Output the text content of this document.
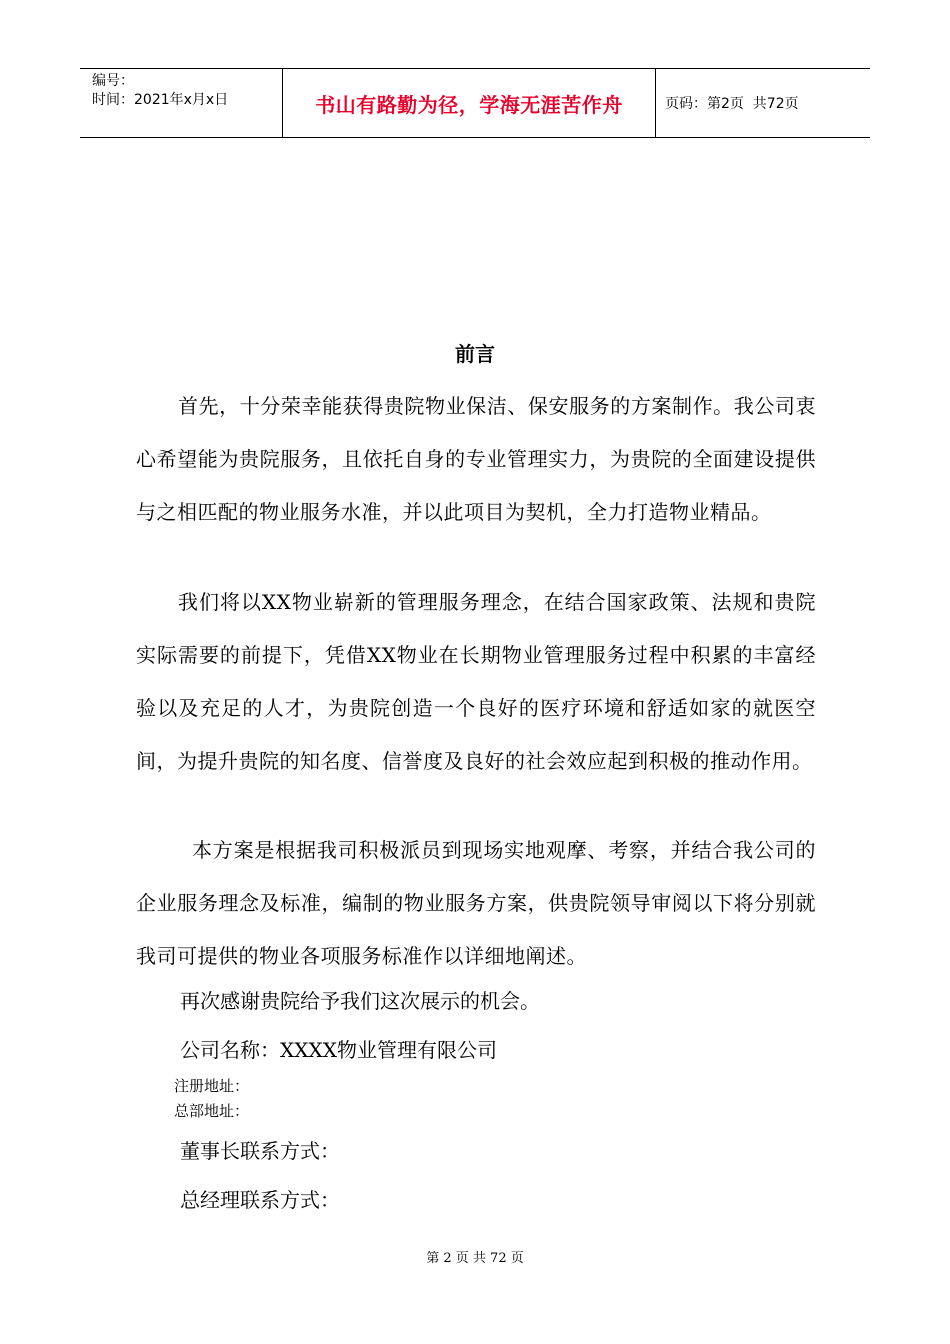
编号：
时间：2021年x月x日	书山有路勤为径，学海无涯苦作舟	页码：第2页  共72页
前言

首先，十分荣幸能获得贵院物业保洁、保安服务的方案制作。我公司衷心希望能为贵院服务，且依托自身的专业管理实力，为贵院的全面建设提供与之相匹配的物业服务水准，并以此项目为契机，全力打造物业精品。

我们将以XX物业崭新的管理服务理念，在结合国家政策、法规和贵院实际需要的前提下，凭借XX物业在长期物业管理服务过程中积累的丰富经验以及充足的人才，为贵院创造一个良好的医疗环境和舒适如家的就医空间，为提升贵院的知名度、信誉度及良好的社会效应起到积极的推动作用。

本方案是根据我司积极派员到现场实地观摩、考察，并结合我公司的企业服务理念及标准，编制的物业服务方案，供贵院领导审阅以下将分别就我司可提供的物业各项服务标准作以详细地阐述。

再次感谢贵院给予我们这次展示的机会。
公司名称：XXXX物业管理有限公司
注册地址：
总部地址：
董事长联系方式：
总经理联系方式：
第 2 页 共 72 页
